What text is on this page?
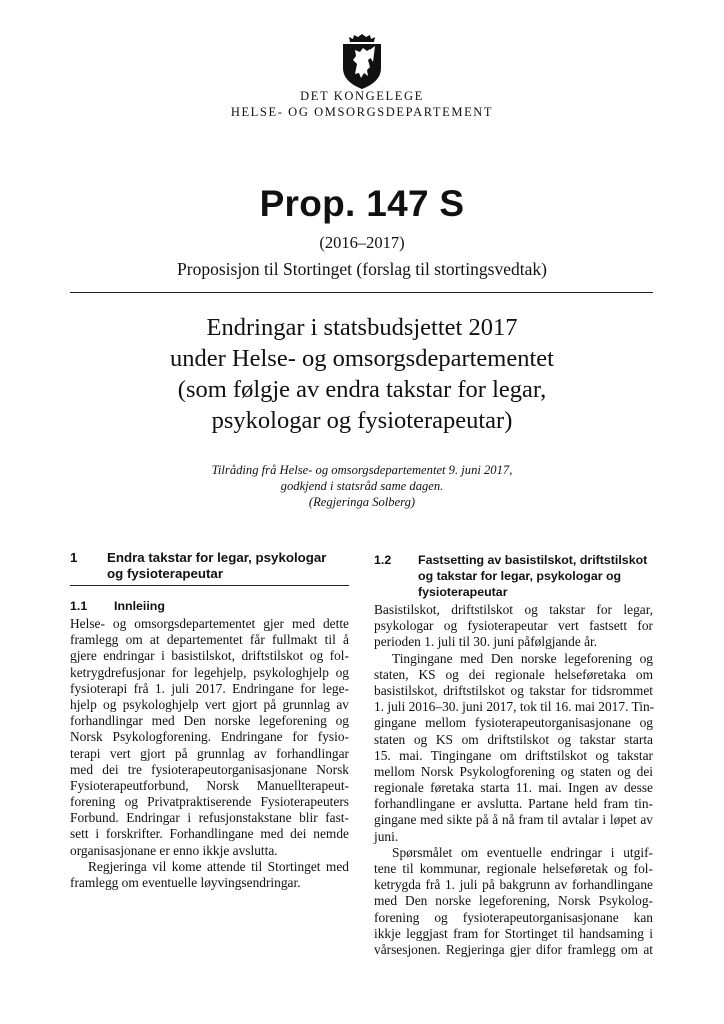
DET KONGELEGE
HELSE- OG OMSORGSDEPARTEMENT
Prop. 147 S
(2016–2017)
Proposisjon til Stortinget (forslag til stortingsvedtak)
Endringar i statsbudsjettet 2017
under Helse- og omsorgsdepartementet
(som følgje av endra takstar for legar,
psykologar og fysioterapeutar)
Tilråding frå Helse- og omsorgsdepartementet 9. juni 2017,
godkjend i statsråd same dagen.
(Regjeringa Solberg)
1	Endra takstar for legar, psykologar
og fysioterapeutar
1.1	Innleiing
Helse- og omsorgsdepartementet gjer med dette
framlegg om at departementet får fullmakt til å
gjere endringar i basistilskot, driftstilskot og fol-
ketrygdrefusjonar for legehjelp, psykologhjelp og
fysioterapi frå 1. juli 2017. Endringane for lege-
hjelp og psykologhjelp vert gjort på grunnlag av
forhandlingar med Den norske legeforening og
Norsk Psykologforening. Endringane for fysio-
terapi vert gjort på grunnlag av forhandlingar
med dei tre fysioterapeutorganisasjonane Norsk
Fysioterapeutforbund, Norsk Manuellterapeut-
forening og Privatpraktiserende Fysioterapeuters
Forbund. Endringar i refusjonstakstane blir fast-
sett i forskrifter. Forhandlingane med dei nemde
organisasjonane er enno ikkje avslutta.
Regjeringa vil kome attende til Stortinget med
framlegg om eventuelle løyvingsendringar.
1.2	Fastsetting av basistilskot, driftstilskot
og takstar for legar, psykologar og
fysioterapeutar
Basistilskot, driftstilskot og takstar for legar,
psykologar og fysioterapeutar vert fastsett for
perioden 1. juli til 30. juni påfølgjande år.
Tingingane med Den norske legeforening og
staten, KS og dei regionale helseføretaka om
basistilskot, driftstilskot og takstar for tidsrommet
1. juli 2016–30. juni 2017, tok til 16. mai 2017. Tin-
gingane mellom fysioterapeutorganisasjonane og
staten og KS om driftstilskot og takstar starta
15. mai. Tingingane om driftstilskot og takstar
mellom Norsk Psykologforening og staten og dei
regionale føretaka starta 11. mai. Ingen av desse
forhandlingane er avslutta. Partane held fram tin-
gingane med sikte på å nå fram til avtalar i løpet av
juni.
Spørsmålet om eventuelle endringar i utgif-
tene til kommunar, regionale helseføretak og fol-
ketrygda frå 1. juli på bakgrunn av forhandlingane
med Den norske legeforening, Norsk Psykolog-
forening og fysioterapeutorganisasjonane kan
ikkje leggjast fram for Stortinget til handsaming i
vårsesjonen. Regjeringa gjer difor framlegg om at
